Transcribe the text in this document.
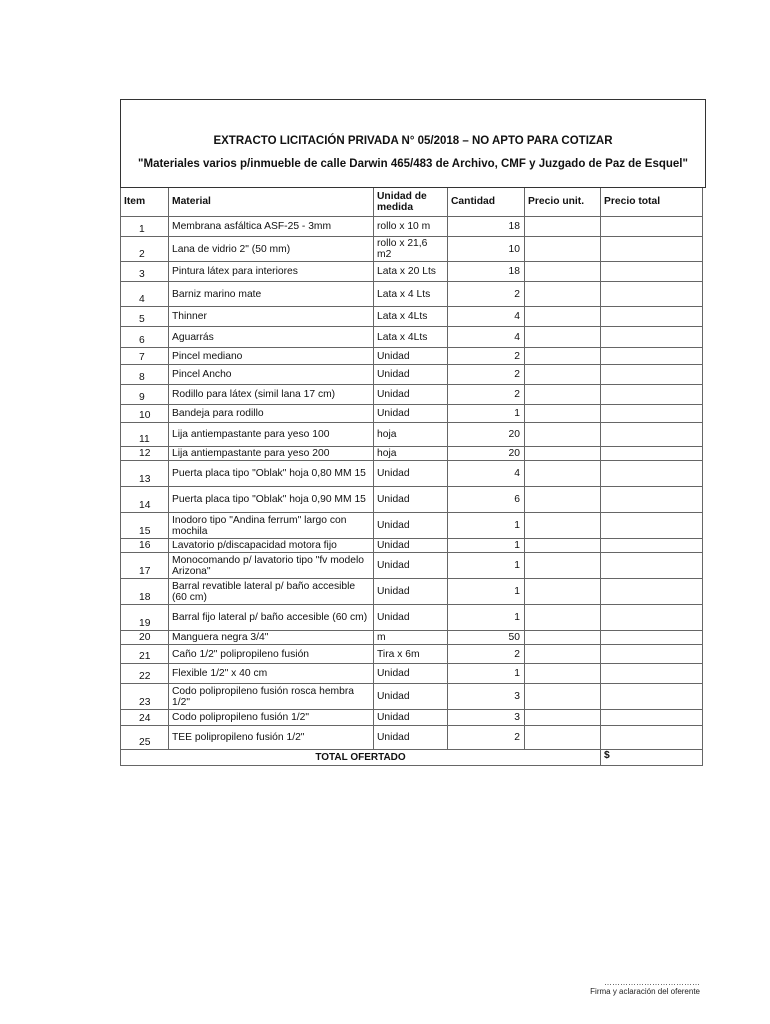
EXTRACTO LICITACIÓN PRIVADA N° 05/2018 – NO APTO PARA COTIZAR
"Materiales varios p/inmueble de calle Darwin 465/483 de Archivo, CMF y Juzgado de Paz de Esquel"
Item	Material	Unidad de medida	Cantidad	Precio unit.	Precio total
1	Membrana asfáltica ASF-25 - 3mm	rollo x 10 m	18		
2	Lana de vidrio 2" (50 mm)	rollo x 21,6 m2	10		
3	Pintura látex para interiores	Lata x 20 Lts	18		
4	Barniz marino mate	Lata x 4 Lts	2		
5	Thinner	Lata x 4Lts	4		
6	Aguarrás	Lata x 4Lts	4		
7	Pincel mediano	Unidad	2		
8	Pincel Ancho	Unidad	2		
9	Rodillo para látex (simil lana 17 cm)	Unidad	2		
10	Bandeja para rodillo	Unidad	1		
11	Lija antiempastante para yeso 100	hoja	20		
12	Lija antiempastante para yeso 200	hoja	20		
13	Puerta placa tipo "Oblak" hoja 0,80 MM 15	Unidad	4		
14	Puerta placa tipo "Oblak" hoja 0,90 MM 15	Unidad	6		
15	Inodoro tipo "Andina ferrum" largo con mochila	Unidad	1		
16	Lavatorio p/discapacidad motora fijo	Unidad	1		
17	Monocomando p/ lavatorio tipo "fv modelo Arizona"	Unidad	1		
18	Barral revatible lateral p/ baño accesible (60 cm)	Unidad	1		
19	Barral fijo lateral p/ baño accesible (60 cm)	Unidad	1		
20	Manguera negra 3/4"	m	50		
21	Caño 1/2" polipropileno fusión	Tira x 6m	2		
22	Flexible 1/2" x 40 cm	Unidad	1		
23	Codo polipropileno fusión rosca hembra 1/2"	Unidad	3		
24	Codo polipropileno fusión 1/2"	Unidad	3		
25	TEE polipropileno fusión 1/2"	Unidad	2		
TOTAL OFERTADO					$
………………………………
Firma y aclaración del oferente
